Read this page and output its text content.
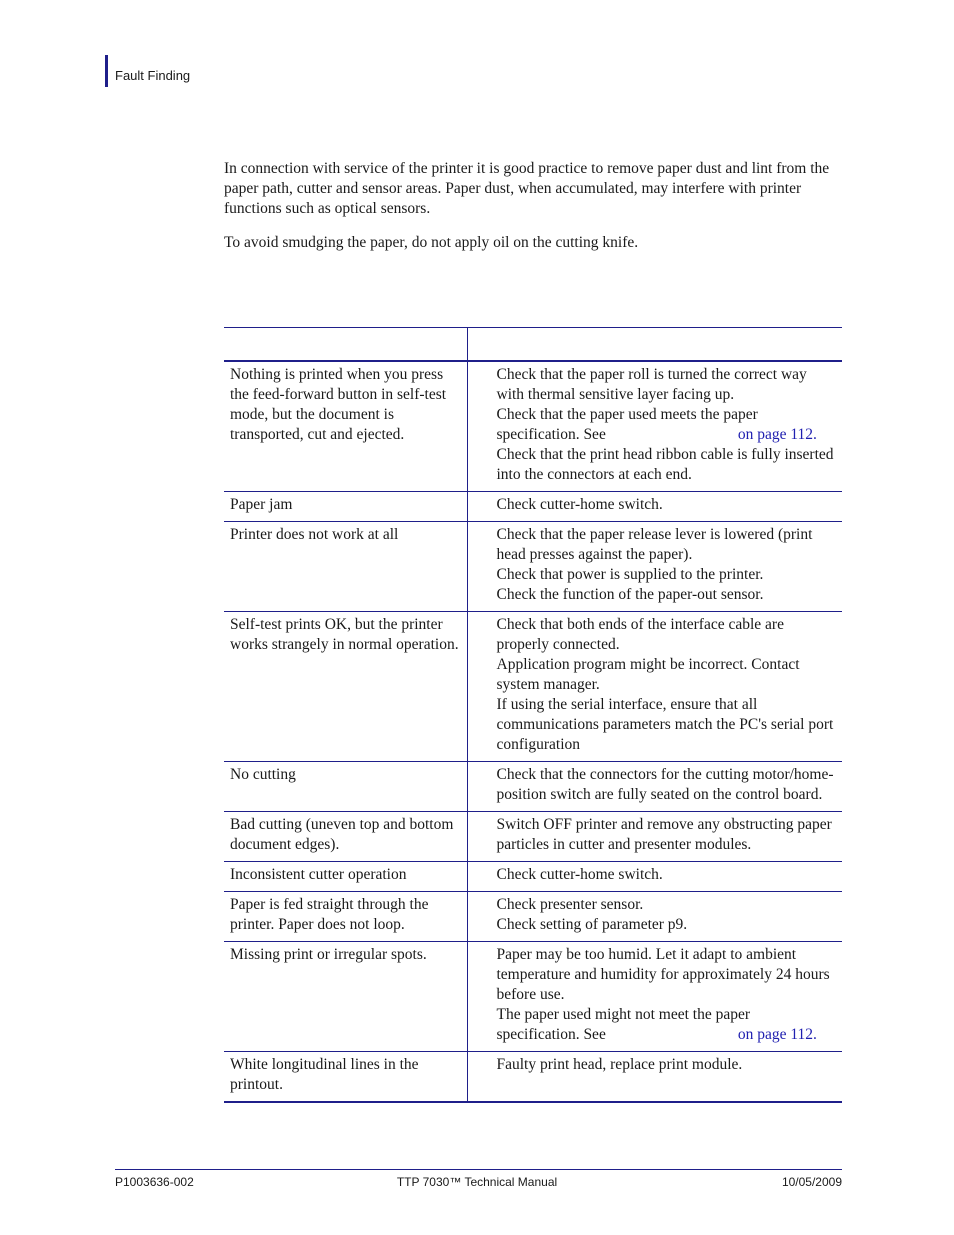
Fault Finding

In connection with service of the printer it is good practice to remove paper dust and lint from the paper path, cutter and sensor areas. Paper dust, when accumulated, may interfere with printer functions such as optical sensors.

To avoid smudging the paper, do not apply oil on the cutting knife.

Nothing is printed when you press the feed-forward button in self-test mode, but the document is transported, cut and ejected.	Check that the paper roll is turned the correct way with thermal sensitive layer facing up.
Check that the paper used meets the paper specification. See on page 112.
Check that the print head ribbon cable is fully inserted into the connectors at each end.

Paper jam	Check cutter-home switch.

Printer does not work at all	Check that the paper release lever is lowered (print head presses against the paper).
Check that power is supplied to the printer.
Check the function of the paper-out sensor.

Self-test prints OK, but the printer works strangely in normal operation.	Check that both ends of the interface cable are properly connected.
Application program might be incorrect. Contact system manager.
If using the serial interface, ensure that all communications parameters match the PC's serial port configuration

No cutting	Check that the connectors for the cutting motor/home-position switch are fully seated on the control board.

Bad cutting (uneven top and bottom document edges).	Switch OFF printer and remove any obstructing paper particles in cutter and presenter modules.

Inconsistent cutter operation	Check cutter-home switch.

Paper is fed straight through the printer. Paper does not loop.	Check presenter sensor.
Check setting of parameter p9.

Missing print or irregular spots.	Paper may be too humid. Let it adapt to ambient temperature and humidity for approximately 24 hours before use.
The paper used might not meet the paper specification. See on page 112.

White longitudinal lines in the printout.	Faulty print head, replace print module.
P1003636-002	TTP 7030™ Technical Manual	10/05/2009
